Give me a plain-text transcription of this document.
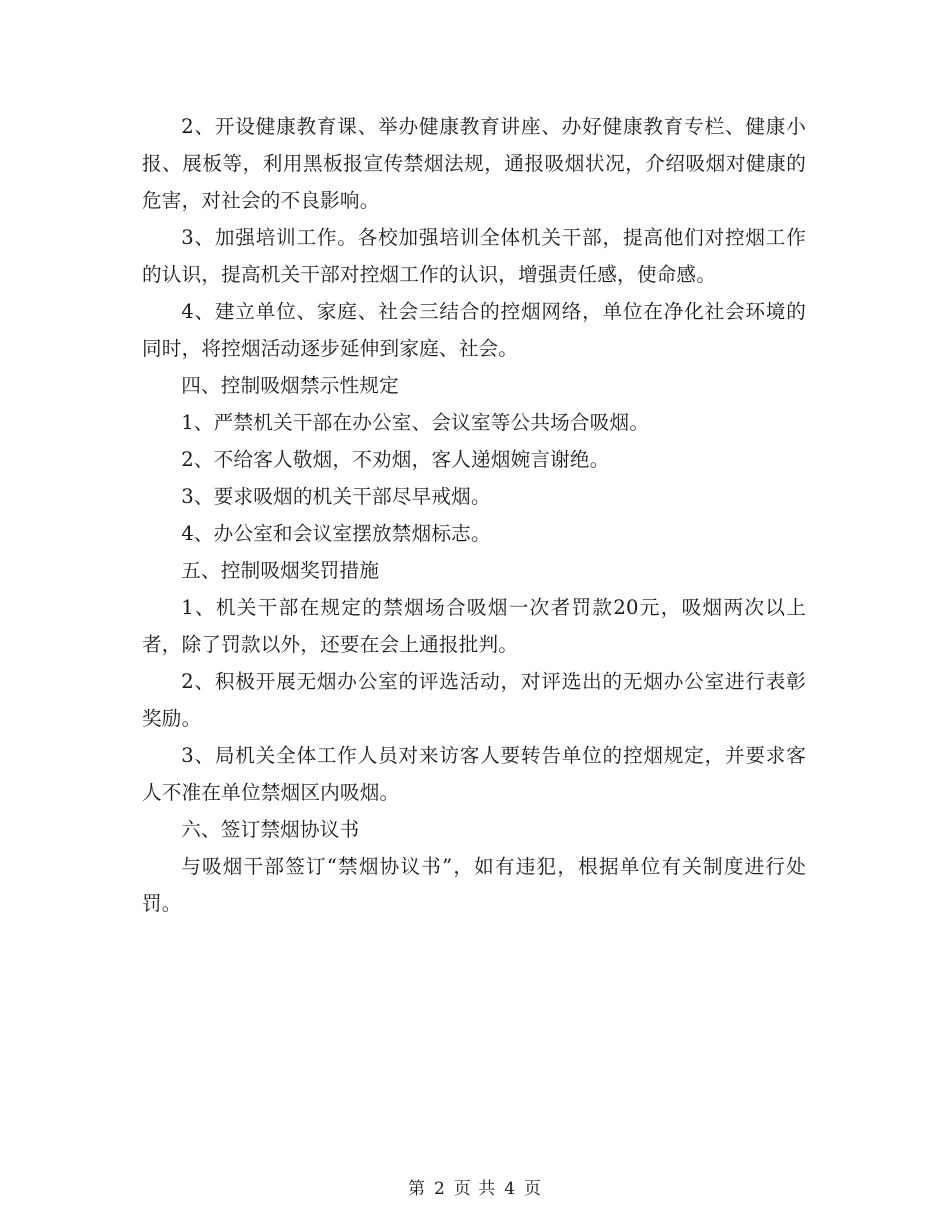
2、开设健康教育课、举办健康教育讲座、办好健康教育专栏、健康小报、展板等，利用黑板报宣传禁烟法规，通报吸烟状况，介绍吸烟对健康的危害，对社会的不良影响。

3、加强培训工作。各校加强培训全体机关干部，提高他们对控烟工作的认识，提高机关干部对控烟工作的认识，增强责任感，使命感。

4、建立单位、家庭、社会三结合的控烟网络，单位在净化社会环境的同时，将控烟活动逐步延伸到家庭、社会。

四、控制吸烟禁示性规定

1、严禁机关干部在办公室、会议室等公共场合吸烟。

2、不给客人敬烟，不劝烟，客人递烟婉言谢绝。

3、要求吸烟的机关干部尽早戒烟。

4、办公室和会议室摆放禁烟标志。

五、控制吸烟奖罚措施

1、机关干部在规定的禁烟场合吸烟一次者罚款20元，吸烟两次以上者，除了罚款以外，还要在会上通报批判。

2、积极开展无烟办公室的评选活动，对评选出的无烟办公室进行表彰奖励。

3、局机关全体工作人员对来访客人要转告单位的控烟规定，并要求客人不准在单位禁烟区内吸烟。

六、签订禁烟协议书

与吸烟干部签订“禁烟协议书”，如有违犯，根据单位有关制度进行处罚。

第 2 页 共 4 页
